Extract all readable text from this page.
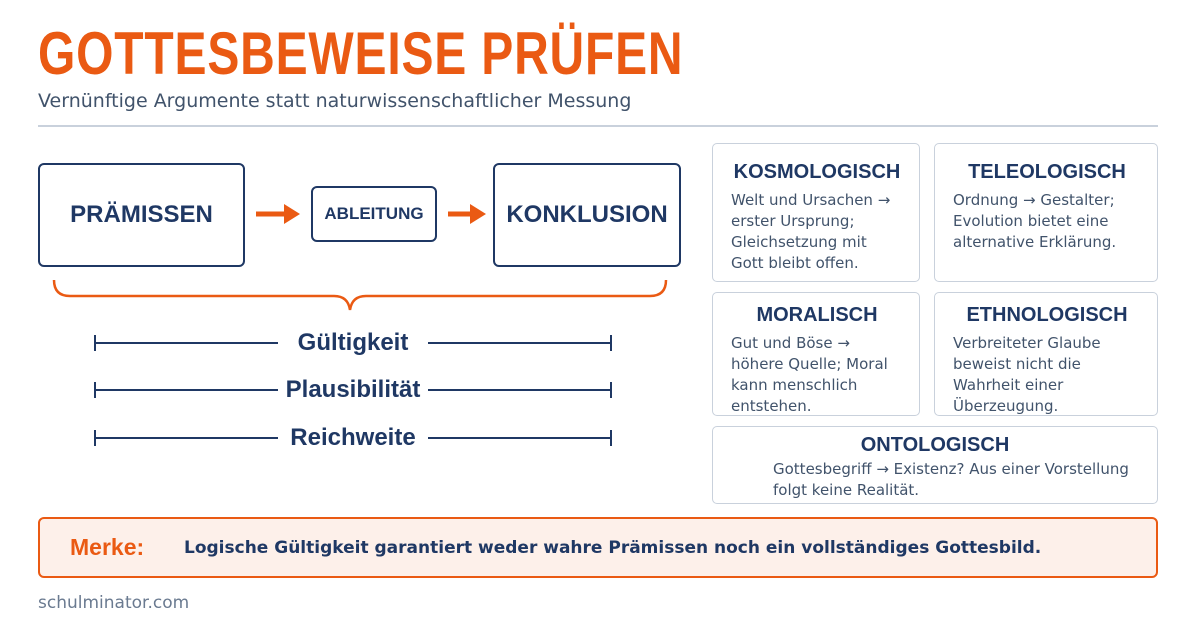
GOTTESBEWEISE PRÜFEN
Vernünftige Argumente statt naturwissenschaftlicher Messung
PRÄMISSEN	ABLEITUNG	KONKLUSION
Gültigkeit
Plausibilität
Reichweite
KOSMOLOGISCH
Welt und Ursachen → erster Ursprung; Gleichsetzung mit Gott bleibt offen.
TELEOLOGISCH
Ordnung → Gestalter; Evolution bietet eine alternative Erklärung.
MORALISCH
Gut und Böse → höhere Quelle; Moral kann menschlich entstehen.
ETHNOLOGISCH
Verbreiteter Glaube beweist nicht die Wahrheit einer Überzeugung.
ONTOLOGISCH
Gottesbegriff → Existenz? Aus einer Vorstellung folgt keine Realität.
Merke:	Logische Gültigkeit garantiert weder wahre Prämissen noch ein vollständiges Gottesbild.
schulminator.com
